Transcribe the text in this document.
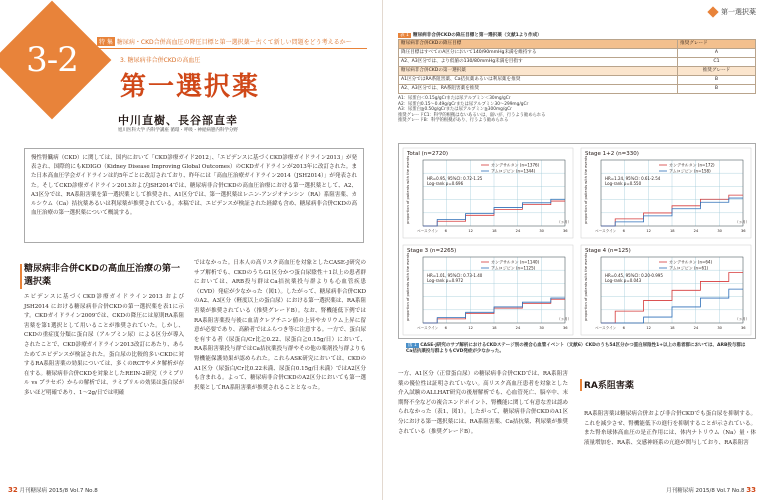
3-2	特 集 糖尿病・CKD合併高血圧の降圧目標と第一選択薬～古くて新しい問題をどう考えるか～
3. 糖尿病非合併CKDの高血圧
第一選択薬
中川直樹、長谷部直幸
旭川医科大学 内科学講座 循環・呼吸・神経病態内科学分野
慢性腎臓病（CKD）に関しては、国内において「CKD診療ガイド2012」、「エビデンスに基づくCKD診療ガイドライン2013」が発表され、国際的にもKDIGO（Kidney Disease Improving Global Outcomes）のCKDガイドラインが2013年に改訂された。また日本高血圧学会ガイドラインは約5年ごとに改訂されており、昨年には「高血圧治療ガイドライン2014（JSH2014）」が発表された。そしてCKD診療ガイドライン2013およびJSH2014では、糖尿病非合併CKDの高血圧治療における第一選択薬として、A2、A3区分では、RA系阻害薬を第一選択薬として推奨され、A1区分では、第一選択薬はレニン-アンジオテンシン（RA）系阻害薬、カルシウム（Ca）拮抗薬あるいは利尿薬が推奨されている。本稿では、エビデンスが検証された経緯も含め、糖尿病非合併CKDの高血圧治療の第一選択薬について概説する。
糖尿病非合併CKDの高血圧治療の第一選択薬
エビデンスに基づくCKD診療ガイドライン2013 およびJSH2014 における糖尿病非合併CKDの第一選択薬を表1に示す。CKDガイドライン2009では、CKDの降圧には原則RA系阻害薬を第1選択として用いることが推奨されていた。しかし、CKDの重症度分類に蛋白尿（アルブミン尿）による区分が導入されたことで、CKD診療ガイドライン2013改訂にあたり、あらためてエビデンスが検証された。蛋白尿の比較的多いCKDに対するRA系阻害薬の効果については、多くのRCTやメタ解析が存在する。糖尿病非合併CKDを対象としたREIN-2研究（ラミプリル vs プラセボ）からの解析では、ラミプリルの効果は蛋白尿が多いほど明確であり、1〜2g/日では明確
ではなかった。日本人の高リスク高血圧を対象としたCASE-J研究のサブ解析でも、CKDのうちG1区分かつ蛋白尿陰性＋1以上の患者群においては、ARB投与群はCa拮抗薬投与群よりも心血管疾患（CVD）発症が少なかった（図1）。したがって、糖尿病非合併CKDのA2、A3区分（軽度以上の蛋白尿）における第一選択薬は、RA系阻害薬が推奨されている（推奨グレードB）。なお、腎機能低下例ではRA系阻害薬投与後に血清クレアチニン値の上昇やカリウム上昇に留意が必要であり、高齢者ではふらつき等に注意する。一方で、蛋白尿を有する者（尿蛋白/Cr比≧0.22、尿蛋白≧0.15g/日）において、RA系阻害薬投与群ではCa拮抗薬投与群やその他の薬剤投与群よりも腎機能保護効果が認められた。これらASK研究においては、CKDのA1区分（尿蛋白/Cr比0.22未満、尿蛋白0.15g/日未満）ではA2区分も含まれる。よって、糖尿病非合併CKDのA2区分においても第一選択薬としてRA系阻害薬が推奨されることとなった。
32 月刊糖尿病 2015/8 Vol.7 No.8
第一選択薬
表 1 糖尿病非合併CKDの降圧目標と第一選択薬（文献1より作成）
糖尿病非合併CKDの降圧目標	推奨グレード
降圧目標はすべてのA区分において140/90mmHg未満を維持する	A
A2、A3区分では、より低値の130/80mmHg未満を目指す	C1
糖尿病非合併CKDの第一選択薬	推奨グレード
A1区分ではRA系阻害薬、Ca拮抗薬あるいは利尿薬を推奨	B
A2、A3区分では、RA系阻害薬を推奨	B
A1：尿蛋白＜0.15g/gCrまたは尿アルブミン＜30mg/gCr
A2：尿蛋白0.15〜0.49g/gCrまたは尿アルブミン30〜299mg/gCr
A3：尿蛋白≧0.50g/gCrまたは尿アルブミン≧300mg/gCr
推奨グレードC1：科学的根拠はないあるいは、弱いが、行うよう勧められる
推奨グレードB：科学的根拠があり、行うよう勧められる
Total (n=2720)
proportion of patients with the events
ベースライン 6	12	18	24	30	36
（ヵ月）
カンデサルタン (n=1376)
アムロジピン (n=1344)
HR=0.95, 95%CI: 0.72-1.25
Log-rank p=0.696
Stage 1+2 (n=330)
proportion of patients with the events
ベースライン 6	12	18	24	30	36
（ヵ月）
カンデサルタン (n=172)
アムロジピン (n=158)
HR=1.24, 95%CI: 0.61-2.54
Log-rank p=0.550
Stage 3 (n=2265)
proportion of patients with the events
ベースライン 6	12	18	24	30	36
（ヵ月）
カンデサルタン (n=1140)
アムロジピン (n=1125)
HR=1.01, 95%CI: 0.73-1.40
Log-rank p=0.972
Stage 4 (n=125)
proportion of patients with the events
ベースライン 6	12	18	24	30	36
（ヵ月）
カンデサルタン (n=64)
アムロジピン (n=61)
HR=0.45, 95%CI: 0.20-0.995
Log-rank p=0.043
図 1 CASE-J研究のサブ解析におけるCKDステージ別の複合心血管イベント（文献6）CKDのうち54区分かつ蛋白尿陰性1+以上の患者群においては、ARB投与群はCa拮抗薬投与群よりもCVD発症が少なかった。
一方、A1区分（正常蛋白尿）の糖尿病非合併CKDでは、RA系阻害薬の優位性は証明されていない。高リスク高血圧患者を対象とした介入試験のALLHAT研究の後層解析でも、心血管死亡、脳卒中、末期腎不全などの複合エンドポイント、腎機能に関して有意な差は認められなかった（表1、図1）。したがって、糖尿病非合併CKDのA1区分における第一選択薬には、RA系阻害薬、Ca拮抗薬、利尿薬が推奨されている（推奨グレードB）。
RA系阻害薬
RA系阻害薬は糖尿病合併および非合併CKDでも蛋白尿を抑制する。これを減少させ、腎機能低下の進行を抑制することが示されている。また腎糸球体高血圧の是正作用には、体内ナトリウム（Na）量・体液量増加を、RA系、交感神経系の亢進が関与しており、RA系阻害
月刊糖尿病 2015/8 Vol.7 No.8 33
